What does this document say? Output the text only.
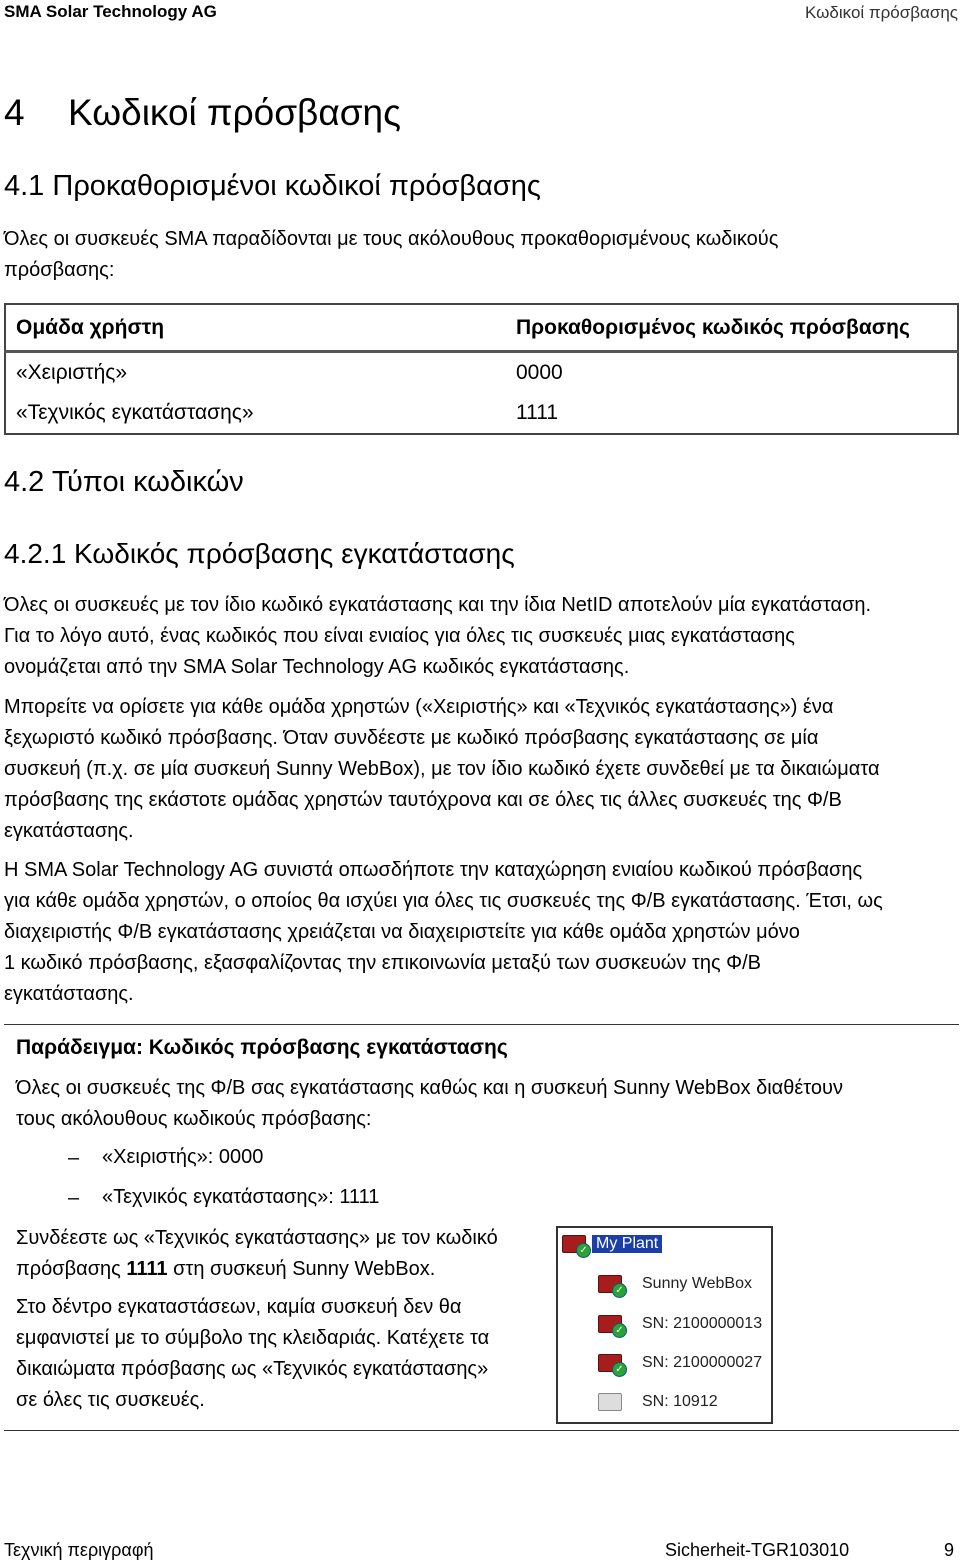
SMA Solar Technology AG	Κωδικοί πρόσβασης
4 Κωδικοί πρόσβασης
4.1 Προκαθορισμένοι κωδικοί πρόσβασης
Όλες οι συσκευές SMA παραδίδονται με τους ακόλουθους προκαθορισμένους κωδικούς
πρόσβασης:
Ομάδα χρήστη	Προκαθορισμένος κωδικός πρόσβασης
«Χειριστής»	0000
«Τεχνικός εγκατάστασης»	1111
4.2 Τύποι κωδικών
4.2.1 Κωδικός πρόσβασης εγκατάστασης
Όλες οι συσκευές με τον ίδιο κωδικό εγκατάστασης και την ίδια NetID αποτελούν μία εγκατάσταση.
Για το λόγο αυτό, ένας κωδικός που είναι ενιαίος για όλες τις συσκευές μιας εγκατάστασης
ονομάζεται από την SMA Solar Technology AG κωδικός εγκατάστασης.
Μπορείτε να ορίσετε για κάθε ομάδα χρηστών («Χειριστής» και «Τεχνικός εγκατάστασης») ένα
ξεχωριστό κωδικό πρόσβασης. Όταν συνδέεστε με κωδικό πρόσβασης εγκατάστασης σε μία
συσκευή (π.χ. σε μία συσκευή Sunny WebBox), με τον ίδιο κωδικό έχετε συνδεθεί με τα δικαιώματα
πρόσβασης της εκάστοτε ομάδας χρηστών ταυτόχρονα και σε όλες τις άλλες συσκευές της Φ/Β
εγκατάστασης.
Η SMA Solar Technology AG συνιστά οπωσδήποτε την καταχώρηση ενιαίου κωδικού πρόσβασης
για κάθε ομάδα χρηστών, ο οποίος θα ισχύει για όλες τις συσκευές της Φ/Β εγκατάστασης. Έτσι, ως
διαχειριστής Φ/Β εγκατάστασης χρειάζεται να διαχειριστείτε για κάθε ομάδα χρηστών μόνο
1 κωδικό πρόσβασης, εξασφαλίζοντας την επικοινωνία μεταξύ των συσκευών της Φ/Β
εγκατάστασης.
Παράδειγμα: Κωδικός πρόσβασης εγκατάστασης
Όλες οι συσκευές της Φ/Β σας εγκατάστασης καθώς και η συσκευή Sunny WebBox διαθέτουν
τους ακόλουθους κωδικούς πρόσβασης:
– «Χειριστής»: 0000
– «Τεχνικός εγκατάστασης»: 1111
Συνδέεστε ως «Τεχνικός εγκατάστασης» με τον κωδικό
πρόσβασης 1111 στη συσκευή Sunny WebBox.
Στο δέντρο εγκαταστάσεων, καμία συσκευή δεν θα
εμφανιστεί με το σύμβολο της κλειδαριάς. Κατέχετε τα
δικαιώματα πρόσβασης ως «Τεχνικός εγκατάστασης»
σε όλες τις συσκευές.
✓ My Plant
✓ Sunny WebBox
✓ SN: 2100000013
✓ SN: 2100000027
SN: 10912
Τεχνική περιγραφή	Sicherheit-TGR103010	9
